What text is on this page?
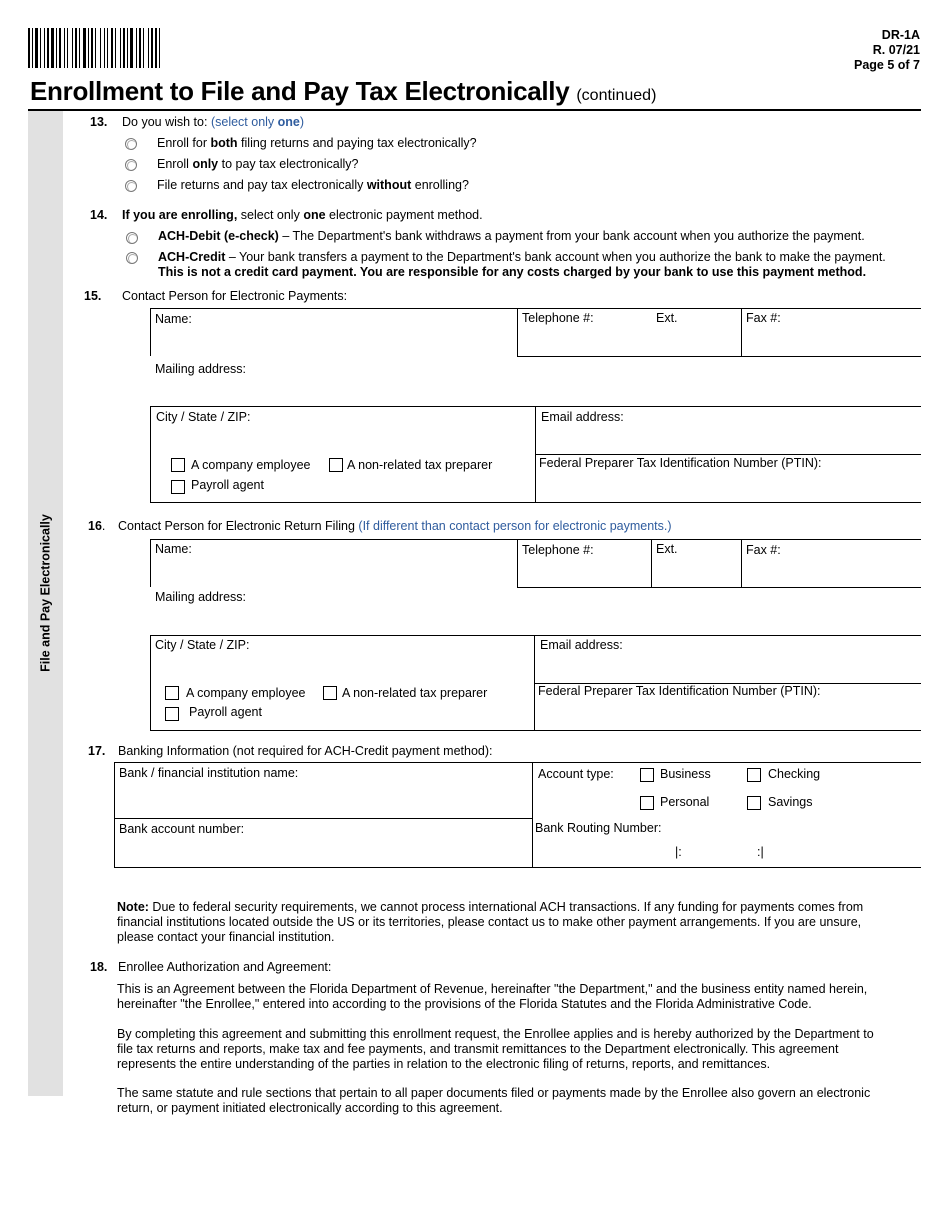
File and Pay Electronically
DR-1A
R. 07/21
Page 5 of 7
Enrollment to File and Pay Tax Electronically (continued)
13. Do you wish to: (select only one)
Enroll for both filing returns and paying tax electronically?
Enroll only to pay tax electronically?
File returns and pay tax electronically without enrolling?
14. If you are enrolling, select only one electronic payment method.
ACH-Debit (e-check) – The Department's bank withdraws a payment from your bank account when you authorize the payment.
ACH-Credit – Your bank transfers a payment to the Department's bank account when you authorize the bank to make the payment.
This is not a credit card payment. You are responsible for any costs charged by your bank to use this payment method.
15. Contact Person for Electronic Payments:
Name:	Telephone #:	Ext.	Fax #:
Mailing address:
City / State / ZIP:	Email address:
A company employee	A non-related tax preparer
Payroll agent
Federal Preparer Tax Identification Number (PTIN):
16. Contact Person for Electronic Return Filing (If different than contact person for electronic payments.)
Name:	Telephone #:	Ext.	Fax #:
Mailing address:
City / State / ZIP:	Email address:
A company employee	A non-related tax preparer
Payroll agent
Federal Preparer Tax Identification Number (PTIN):
17. Banking Information (not required for ACH-Credit payment method):
Bank / financial institution name:	Account type:	Business	Checking
Personal	Savings
Bank account number:	Bank Routing Number:
|:	:|
Note: Due to federal security requirements, we cannot process international ACH transactions. If any funding for payments comes from financial institutions located outside the US or its territories, please contact us to make other payment arrangements. If you are unsure, please contact your financial institution.
18. Enrollee Authorization and Agreement:
This is an Agreement between the Florida Department of Revenue, hereinafter "the Department," and the business entity named herein, hereinafter "the Enrollee," entered into according to the provisions of the Florida Statutes and the Florida Administrative Code.
By completing this agreement and submitting this enrollment request, the Enrollee applies and is hereby authorized by the Department to file tax returns and reports, make tax and fee payments, and transmit remittances to the Department electronically. This agreement represents the entire understanding of the parties in relation to the electronic filing of returns, reports, and remittances.
The same statute and rule sections that pertain to all paper documents filed or payments made by the Enrollee also govern an electronic return, or payment initiated electronically according to this agreement.
